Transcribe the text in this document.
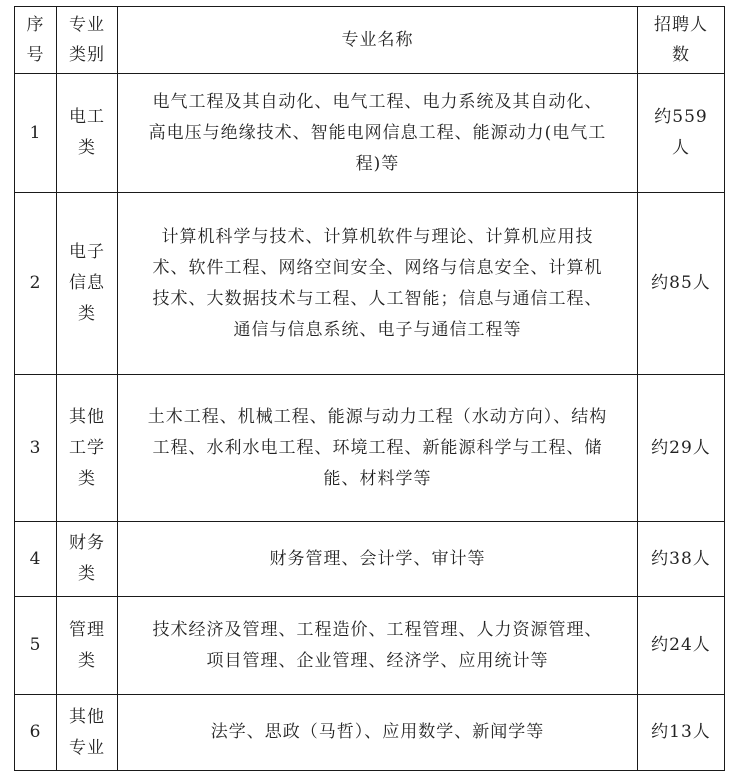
序号	专业类别	专业名称	招聘人数
1	电工类	电气工程及其自动化、电气工程、电力系统及其自动化、高电压与绝缘技术、智能电网信息工程、能源动力(电气工程)等	约559人
2	电子信息类	计算机科学与技术、计算机软件与理论、计算机应用技术、软件工程、网络空间安全、网络与信息安全、计算机技术、大数据技术与工程、人工智能；信息与通信工程、通信与信息系统、电子与通信工程等	约85人
3	其他工学类	土木工程、机械工程、能源与动力工程（水动方向）、结构工程、水利水电工程、环境工程、新能源科学与工程、储能、材料学等	约29人
4	财务类	财务管理、会计学、审计等	约38人
5	管理类	技术经济及管理、工程造价、工程管理、人力资源管理、项目管理、企业管理、经济学、应用统计等	约24人
6	其他专业	法学、思政（马哲）、应用数学、新闻学等	约13人
